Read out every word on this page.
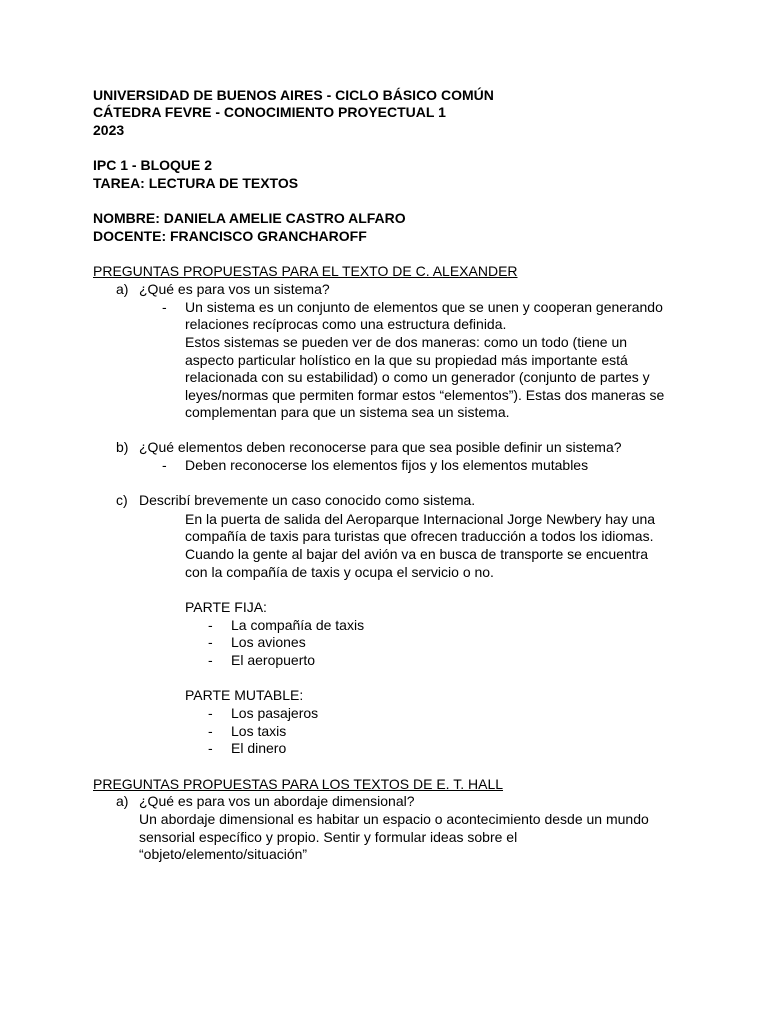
UNIVERSIDAD DE BUENOS AIRES - CICLO BÁSICO COMÚN
CÁTEDRA FEVRE - CONOCIMIENTO PROYECTUAL 1
2023
IPC 1 - BLOQUE 2
TAREA: LECTURA DE TEXTOS
NOMBRE: DANIELA AMELIE CASTRO ALFARO
DOCENTE: FRANCISCO GRANCHAROFF
PREGUNTAS PROPUESTAS PARA EL TEXTO DE C. ALEXANDER
a) ¿Qué es para vos un sistema?
- Un sistema es un conjunto de elementos que se unen y cooperan generando
relaciones recíprocas como una estructura definida.
Estos sistemas se pueden ver de dos maneras: como un todo (tiene un
aspecto particular holístico en la que su propiedad más importante está
relacionada con su estabilidad) o como un generador (conjunto de partes y
leyes/normas que permiten formar estos “elementos”). Estas dos maneras se
complementan para que un sistema sea un sistema.
b) ¿Qué elementos deben reconocerse para que sea posible definir un sistema?
- Deben reconocerse los elementos fijos y los elementos mutables
c) Describí brevemente un caso conocido como sistema.
En la puerta de salida del Aeroparque Internacional Jorge Newbery hay una
compañía de taxis para turistas que ofrecen traducción a todos los idiomas.
Cuando la gente al bajar del avión va en busca de transporte se encuentra
con la compañía de taxis y ocupa el servicio o no.
PARTE FIJA:
- La compañía de taxis
- Los aviones
- El aeropuerto
PARTE MUTABLE:
- Los pasajeros
- Los taxis
- El dinero
PREGUNTAS PROPUESTAS PARA LOS TEXTOS DE E. T. HALL
a) ¿Qué es para vos un abordaje dimensional?
Un abordaje dimensional es habitar un espacio o acontecimiento desde un mundo
sensorial específico y propio. Sentir y formular ideas sobre el
“objeto/elemento/situación”
